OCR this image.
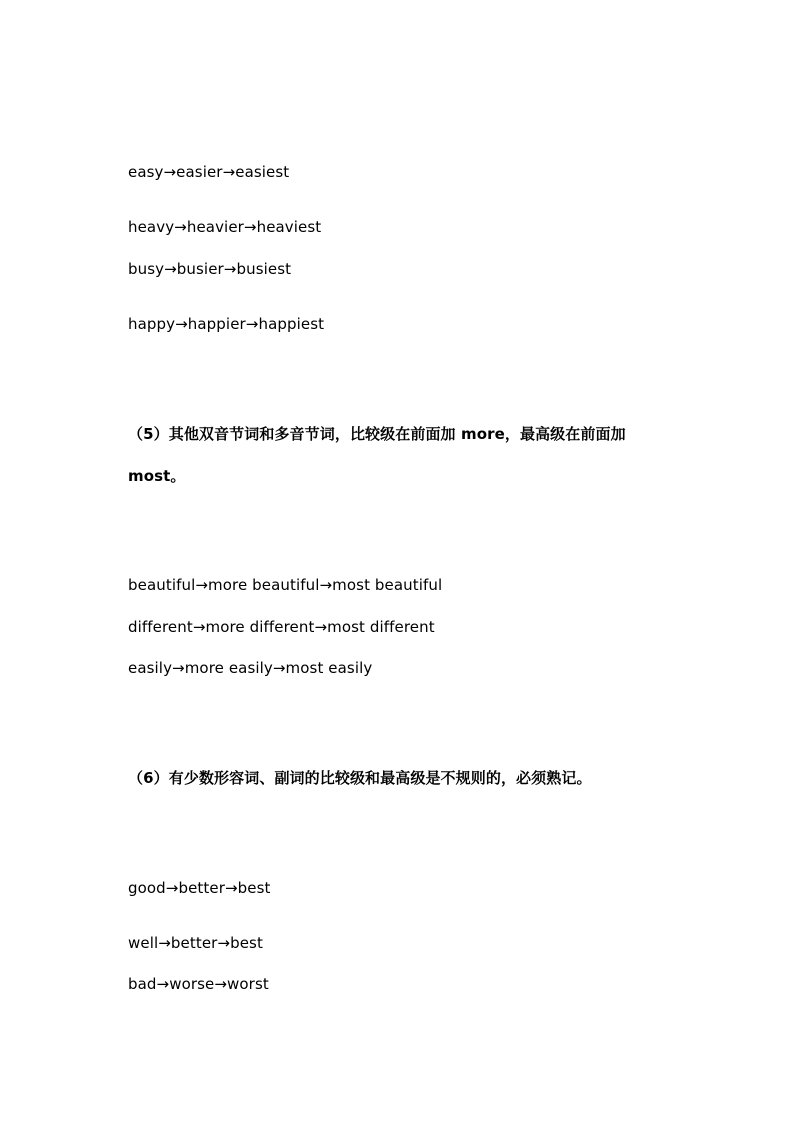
easy→easier→easiest
heavy→heavier→heaviest
busy→busier→busiest
happy→happier→happiest
（5）其他双音节词和多音节词，比较级在前面加 more，最高级在前面加
most。
beautiful→more beautiful→most beautiful
different→more different→most different
easily→more easily→most easily
（6）有少数形容词、副词的比较级和最高级是不规则的，必须熟记。
good→better→best
well→better→best
bad→worse→worst
